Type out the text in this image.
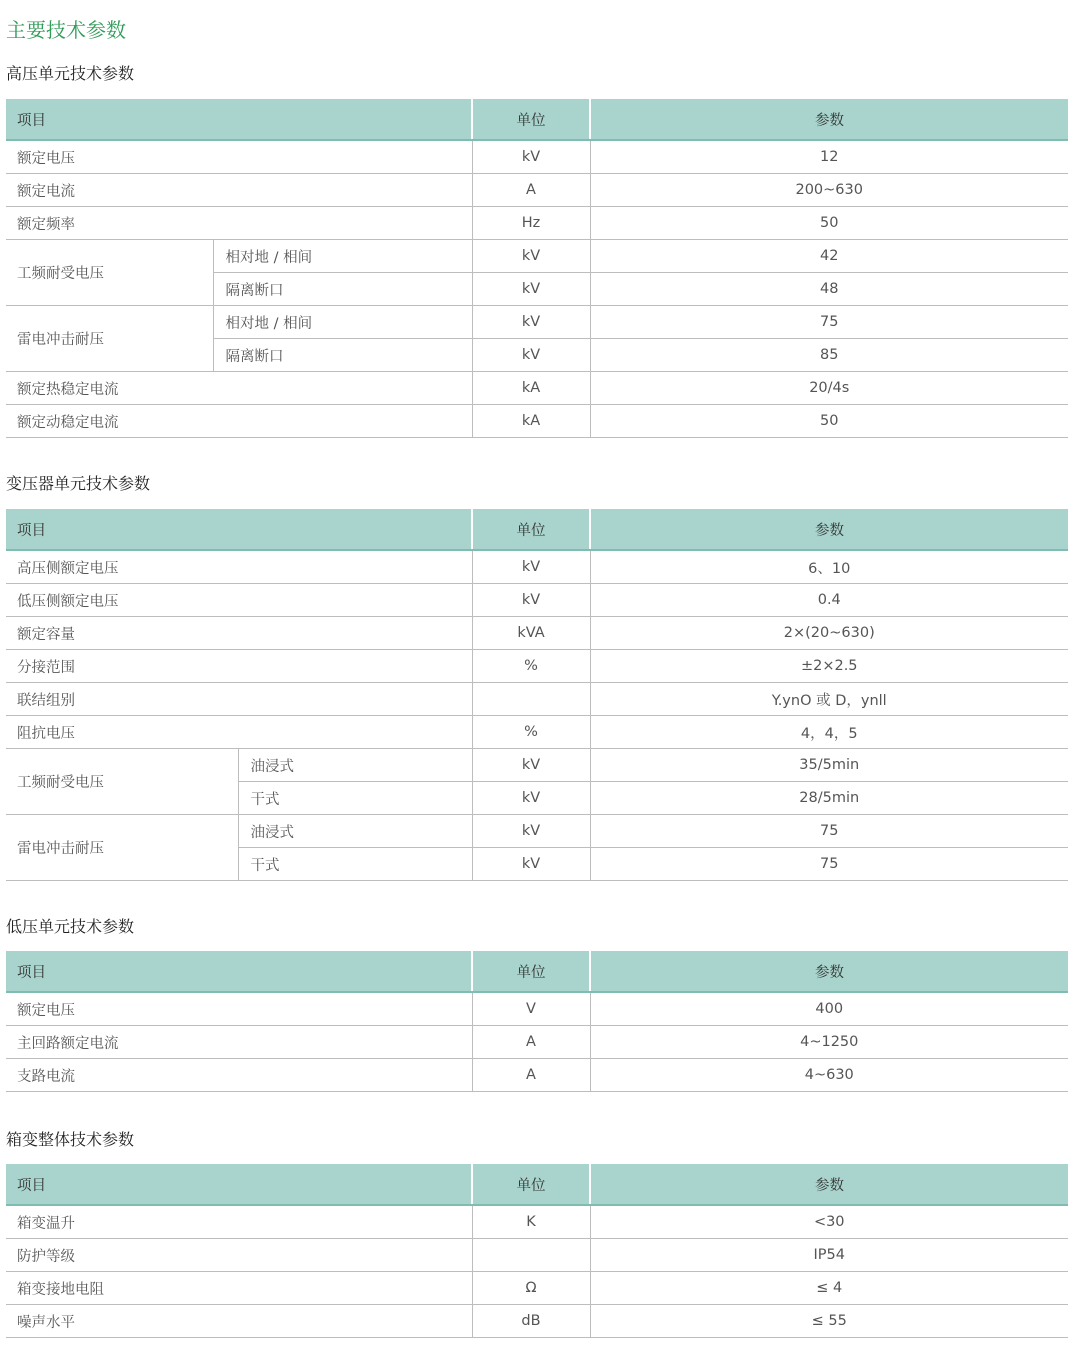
主要技术参数
高压单元技术参数
项目		单位	参数
额定电压		kV	12
额定电流		A	200~630
额定频率		Hz	50
工频耐受电压	相对地 / 相间	kV	42
	隔离断口	kV	48
雷电冲击耐压	相对地 / 相间	kV	75
	隔离断口	kV	85
额定热稳定电流		kA	20/4s
额定动稳定电流		kA	50
变压器单元技术参数
项目		单位	参数
高压侧额定电压		kV	6、10
低压侧额定电压		kV	0.4
额定容量		kVA	2×(20~630)
分接范围		%	±2×2.5
联结组别			Y.ynO 或 D，ynll
阻抗电压		%	4，4，5
工频耐受电压	油浸式	kV	35/5min
	干式	kV	28/5min
雷电冲击耐压	油浸式	kV	75
	干式	kV	75
低压单元技术参数
项目	单位	参数
额定电压	V	400
主回路额定电流	A	4~1250
支路电流	A	4~630
箱变整体技术参数
项目	单位	参数
箱变温升	K	<30
防护等级		IP54
箱变接地电阻	Ω	≤ 4
噪声水平	dB	≤ 55
